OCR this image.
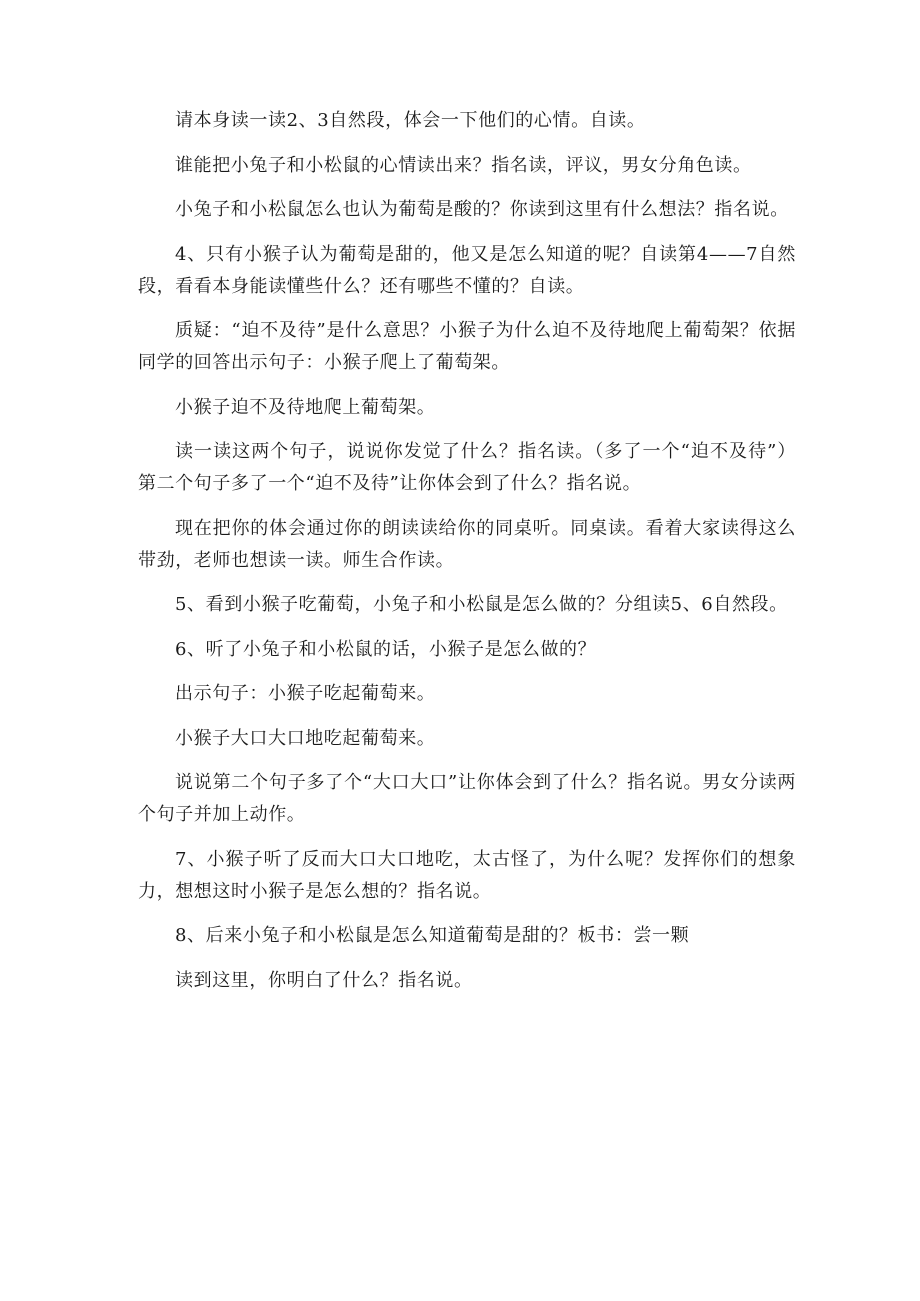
请本身读一读2、3自然段，体会一下他们的心情。自读。

谁能把小兔子和小松鼠的心情读出来？指名读，评议，男女分角色读。

小兔子和小松鼠怎么也认为葡萄是酸的？你读到这里有什么想法？指名说。

4、只有小猴子认为葡萄是甜的，他又是怎么知道的呢？自读第4——7自然段，看看本身能读懂些什么？还有哪些不懂的？自读。

质疑：“迫不及待”是什么意思？小猴子为什么迫不及待地爬上葡萄架？依据同学的回答出示句子：小猴子爬上了葡萄架。

小猴子迫不及待地爬上葡萄架。

读一读这两个句子，说说你发觉了什么？指名读。（多了一个“迫不及待”）第二个句子多了一个“迫不及待”让你体会到了什么？指名说。

现在把你的体会通过你的朗读读给你的同桌听。同桌读。看着大家读得这么带劲，老师也想读一读。师生合作读。

5、看到小猴子吃葡萄，小兔子和小松鼠是怎么做的？分组读5、6自然段。

6、听了小兔子和小松鼠的话，小猴子是怎么做的？

出示句子：小猴子吃起葡萄来。

小猴子大口大口地吃起葡萄来。

说说第二个句子多了个“大口大口”让你体会到了什么？指名说。男女分读两个句子并加上动作。

7、小猴子听了反而大口大口地吃，太古怪了，为什么呢？发挥你们的想象力，想想这时小猴子是怎么想的？指名说。

8、后来小兔子和小松鼠是怎么知道葡萄是甜的？板书：尝一颗

读到这里，你明白了什么？指名说。
